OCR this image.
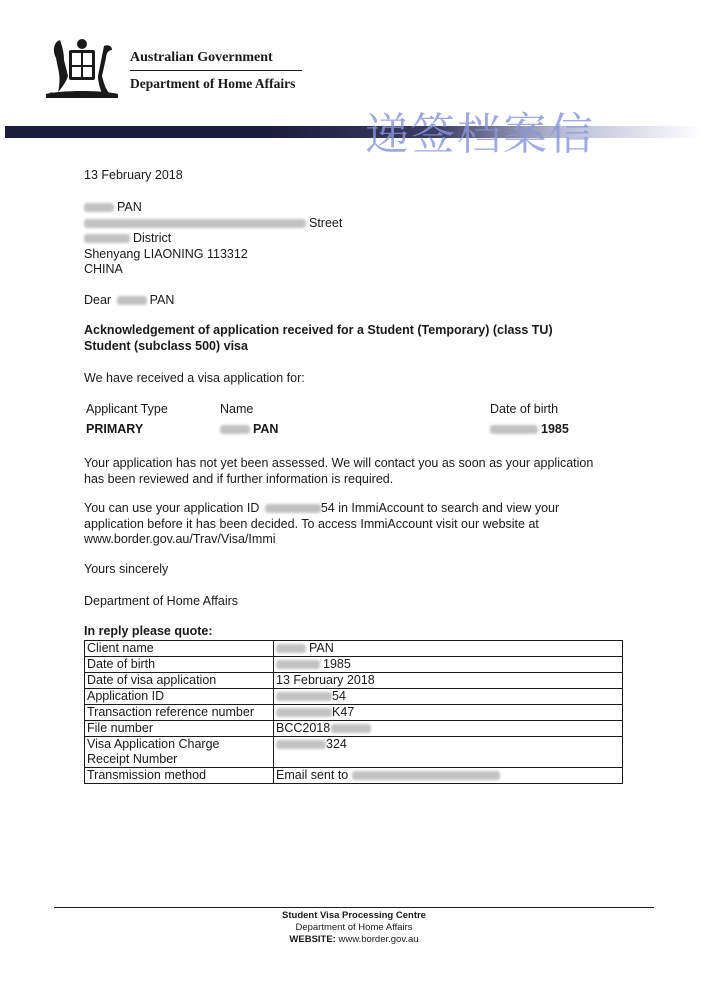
Australian Government
Department of Home Affairs
递签档案信
13 February 2018
PAN
Street
District
Shenyang LIAONING 113312
CHINA
Dear	PAN
Acknowledgement of application received for a Student (Temporary) (class TU)
Student (subclass 500) visa
We have received a visa application for:
Applicant Type	Name	Date of birth
PRIMARY	PAN	1985
Your application has not yet been assessed. We will contact you as soon as your application
has been reviewed and if further information is required.
You can use your application ID	54 in ImmiAccount to search and view your
application before it has been decided. To access ImmiAccount visit our website at
www.border.gov.au/Trav/Visa/Immi
Yours sincerely
Department of Home Affairs
In reply please quote:
Client name	PAN
Date of birth	1985
Date of visa application	13 February 2018
Application ID	54
Transaction reference number	K47
File number	BCC2018

Visa Application Charge
Receipt Number	324
Transmission method	Email sent to
Student Visa Processing Centre
Department of Home Affairs
WEBSITE: www.border.gov.au
